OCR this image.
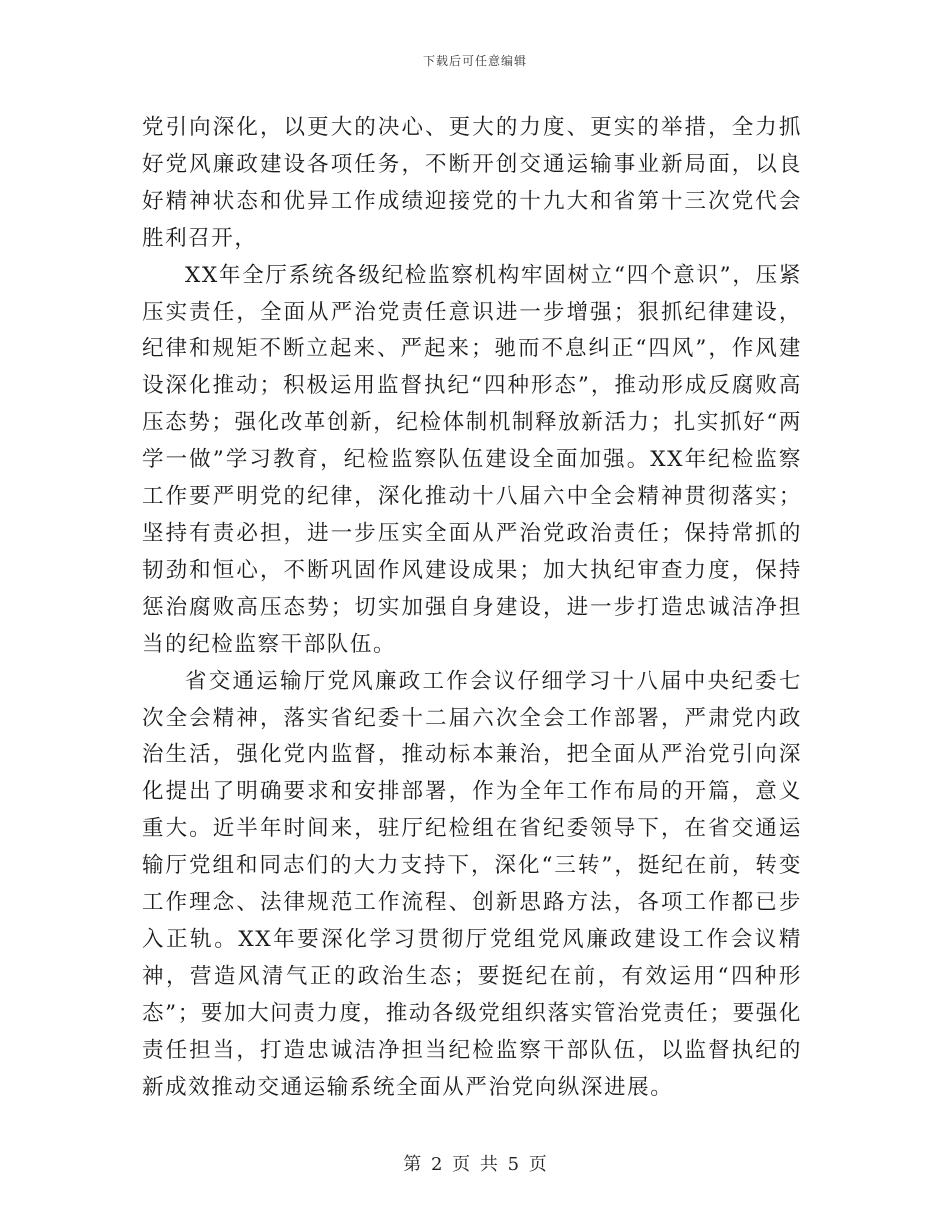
下载后可任意编辑

党引向深化，以更大的决心、更大的力度、更实的举措，全力抓好党风廉政建设各项任务，不断开创交通运输事业新局面，以良好精神状态和优异工作成绩迎接党的十九大和省第十三次党代会胜利召开，

XX年全厅系统各级纪检监察机构牢固树立“四个意识”，压紧压实责任，全面从严治党责任意识进一步增强；狠抓纪律建设，纪律和规矩不断立起来、严起来；驰而不息纠正“四风”，作风建设深化推动；积极运用监督执纪“四种形态”，推动形成反腐败高压态势；强化改革创新，纪检体制机制释放新活力；扎实抓好“两学一做”学习教育，纪检监察队伍建设全面加强。XX年纪检监察工作要严明党的纪律，深化推动十八届六中全会精神贯彻落实；坚持有责必担，进一步压实全面从严治党政治责任；保持常抓的韧劲和恒心，不断巩固作风建设成果；加大执纪审查力度，保持惩治腐败高压态势；切实加强自身建设，进一步打造忠诚洁净担当的纪检监察干部队伍。

省交通运输厅党风廉政工作会议仔细学习十八届中央纪委七次全会精神，落实省纪委十二届六次全会工作部署，严肃党内政治生活，强化党内监督，推动标本兼治，把全面从严治党引向深化提出了明确要求和安排部署，作为全年工作布局的开篇，意义重大。近半年时间来，驻厅纪检组在省纪委领导下，在省交通运输厅党组和同志们的大力支持下，深化“三转”，挺纪在前，转变工作理念、法律规范工作流程、创新思路方法，各项工作都已步入正轨。XX年要深化学习贯彻厅党组党风廉政建设工作会议精神，营造风清气正的政治生态；要挺纪在前，有效运用“四种形态”；要加大问责力度，推动各级党组织落实管治党责任；要强化责任担当，打造忠诚洁净担当纪检监察干部队伍，以监督执纪的新成效推动交通运输系统全面从严治党向纵深进展。

第 2 页 共 5 页
